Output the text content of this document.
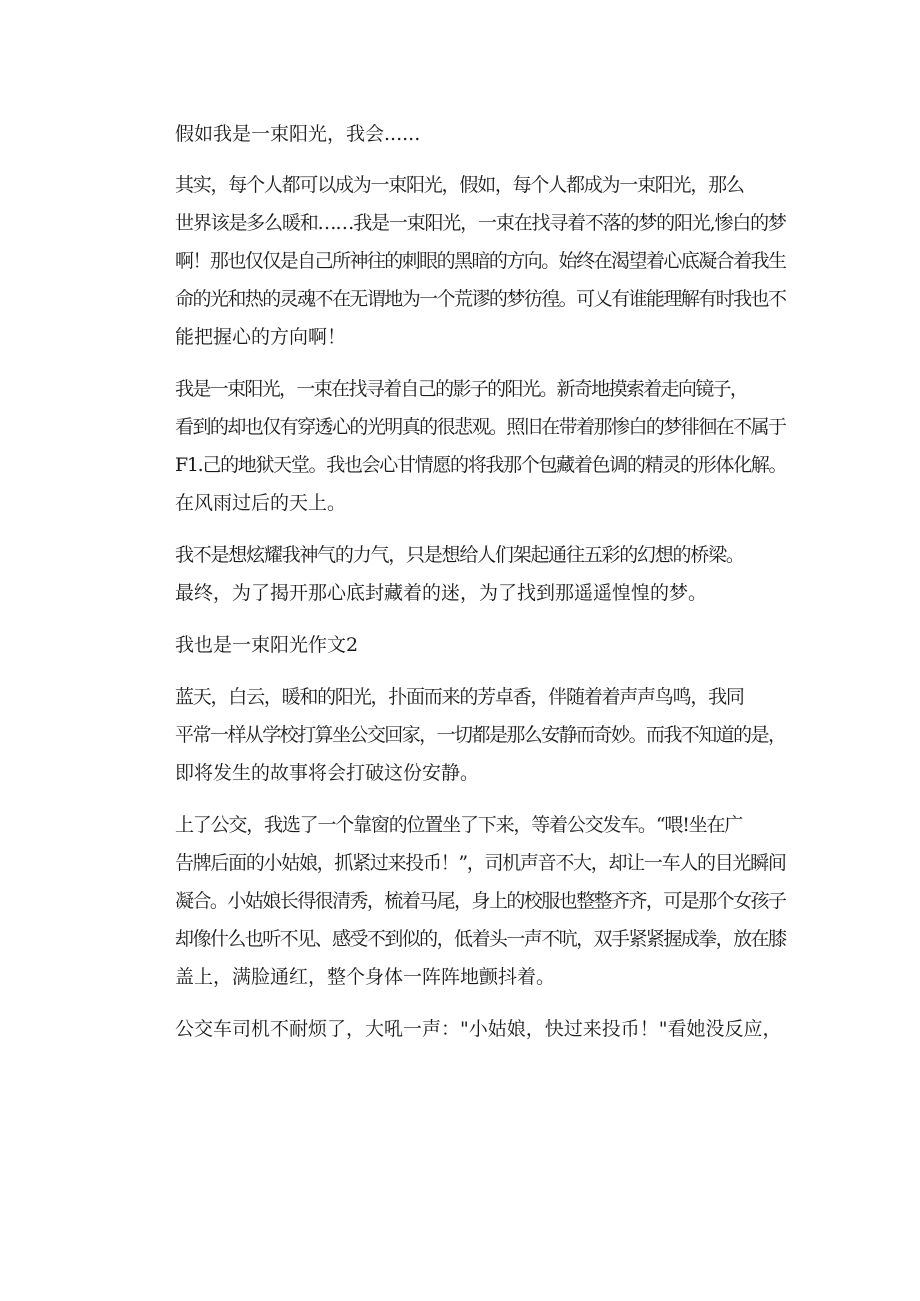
假如我是一束阳光，我会......

其实，每个人都可以成为一束阳光，假如，每个人都成为一束阳光，那么
世界该是多么暖和……我是一束阳光，一束在找寻着不落的梦的阳光,惨白的梦
啊！那也仅仅是自己所神往的刺眼的黑暗的方向。始终在渴望着心底凝合着我生
命的光和热的灵魂不在无谓地为一个荒谬的梦彷徨。可乂有谁能理解有时我也不
能把握心的方向啊！

我是一束阳光，一束在找寻着自己的影子的阳光。新奇地摸索着走向镜子，
看到的却也仅有穿透心的光明真的很悲观。照旧在带着那惨白的梦徘徊在不属于
F1.己的地狱天堂。我也会心甘情愿的将我那个包藏着色调的精灵的形体化解。
在风雨过后的天上。

我不是想炫耀我神气的力气，只是想给人们架起通往五彩的幻想的桥梁。
最终，为了揭开那心底封藏着的迷，为了找到那遥遥惶惶的梦。

我也是一束阳光作文2

蓝天，白云，暖和的阳光，扑面而来的芳卓香，伴随着着声声鸟鸣，我同
平常一样从学校打算坐公交回家，一切都是那么安静而奇妙。而我不知道的是，
即将发生的故事将会打破这份安静。

上了公交，我选了一个靠窗的位置坐了下来，等着公交发车。“喂!坐在广
告牌后面的小姑娘，抓紧过来投币！”，司机声音不大，却让一车人的目光瞬间
凝合。小姑娘长得很清秀，梳着马尾，身上的校服也整整齐齐，可是那个女孩子
却像什么也听不见、感受不到似的，低着头一声不吭，双手紧紧握成拳，放在膝
盖上，满脸通红，整个身体一阵阵地颤抖着。

公交车司机不耐烦了，大吼一声："小姑娘，快过来投币！"看她没反应，
